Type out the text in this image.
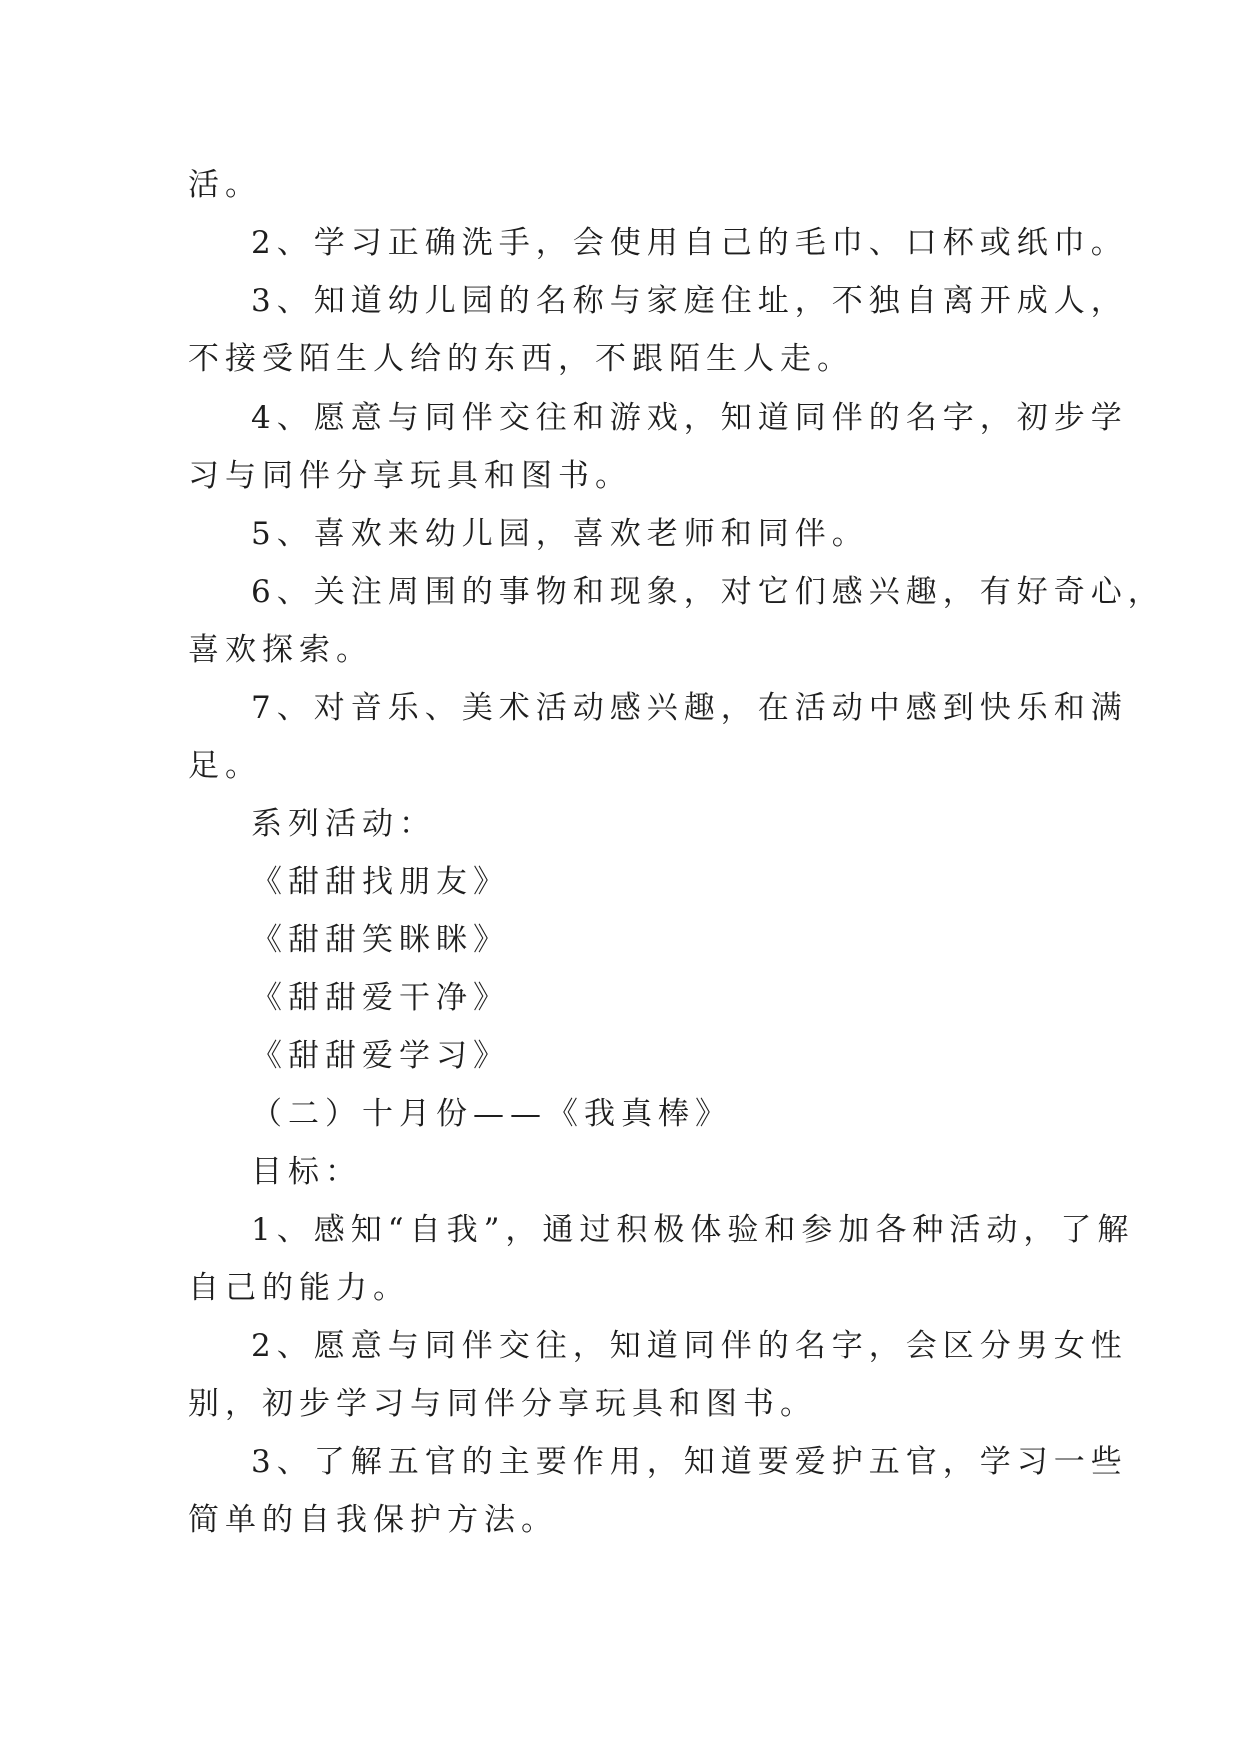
活。

2、学习正确洗手，会使用自己的毛巾、口杯或纸巾。

3、知道幼儿园的名称与家庭住址，不独自离开成人，

不接受陌生人给的东西，不跟陌生人走。

4、愿意与同伴交往和游戏，知道同伴的名字，初步学

习与同伴分享玩具和图书。

5、喜欢来幼儿园，喜欢老师和同伴。

6、关注周围的事物和现象，对它们感兴趣，有好奇心，

喜欢探索。

7、对音乐、美术活动感兴趣，在活动中感到快乐和满

足。

系列活动：

《甜甜找朋友》

《甜甜笑眯眯》

《甜甜爱干净》

《甜甜爱学习》

（二）十月份——《我真棒》

目标：

1、感知“自我”，通过积极体验和参加各种活动，了解

自己的能力。

2、愿意与同伴交往，知道同伴的名字，会区分男女性

别，初步学习与同伴分享玩具和图书。

3、了解五官的主要作用，知道要爱护五官，学习一些

简单的自我保护方法。
